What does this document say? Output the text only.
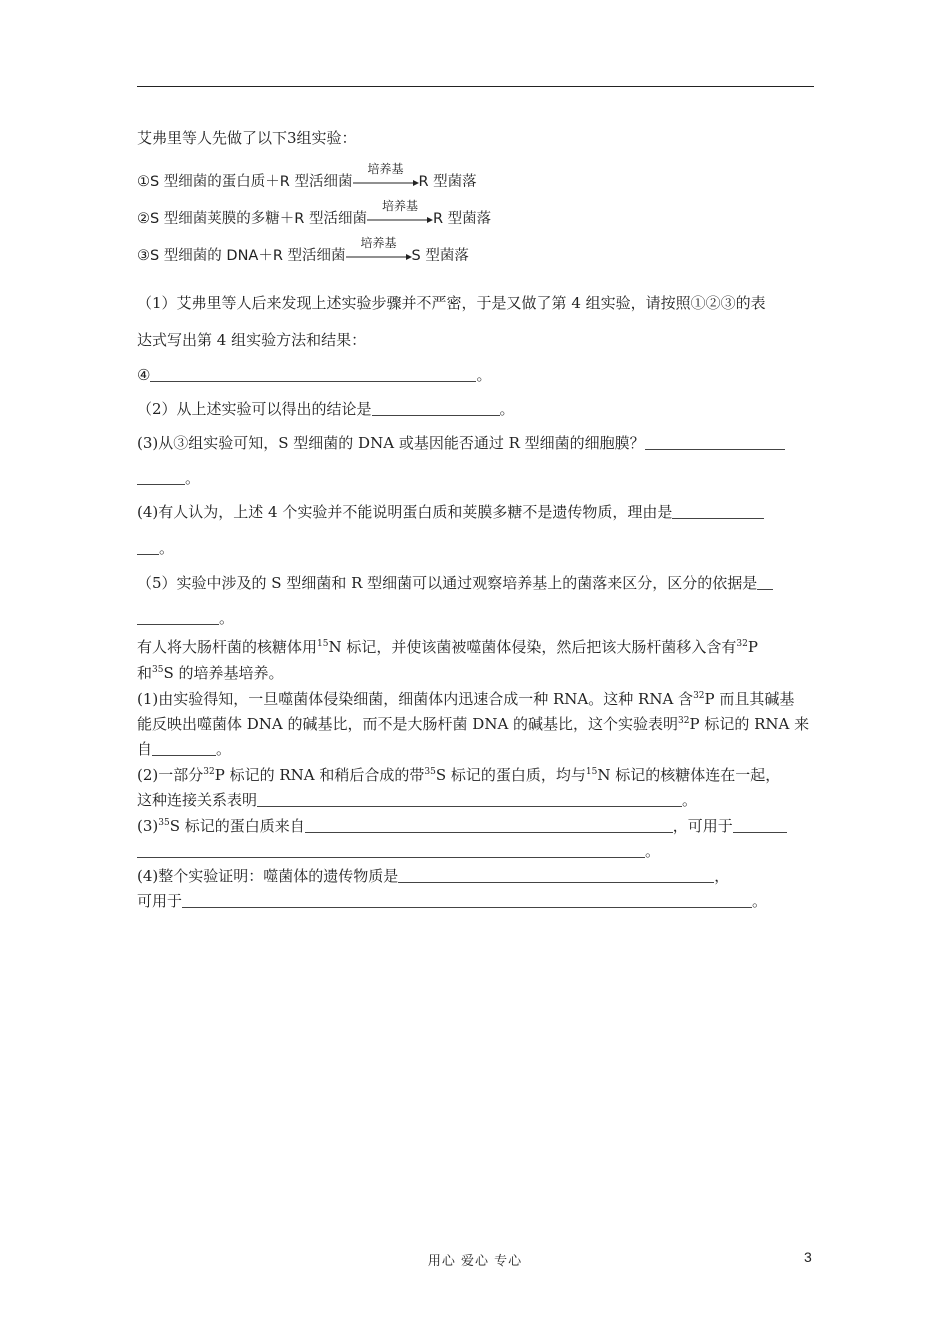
艾弗里等人先做了以下3组实验：
①S 型细菌的蛋白质＋R 型活细菌
培养基
R 型菌落
②S 型细菌荚膜的多糖＋R 型活细菌
培养基
R 型菌落
③S 型细菌的 DNA＋R 型活细菌
培养基
S 型菌落
（1）艾弗里等人后来发现上述实验步骤并不严密，于是又做了第 4 组实验，请按照①②③的表
达式写出第 4 组实验方法和结果：
④	。
（2）从上述实验可以得出的结论是	。
(3)从③组实验可知，S 型细菌的 DNA 或基因能否通过 R 型细菌的细胞膜？
。
(4)有人认为，上述 4 个实验并不能说明蛋白质和荚膜多糖不是遗传物质，理由是
。
（5）实验中涉及的 S 型细菌和 R 型细菌可以通过观察培养基上的菌落来区分，区分的依据是
。
有人将大肠杆菌的核糖体用$^{15}$N 标记，并使该菌被噬菌体侵染，然后把该大肠杆菌移入含有$^{32}$P
和$^{35}$S 的培养基培养。
(1)由实验得知，一旦噬菌体侵染细菌，细菌体内迅速合成一种 RNA。这种 RNA 含$^{32}$P 而且其碱基
能反映出噬菌体 DNA 的碱基比，而不是大肠杆菌 DNA 的碱基比，这个实验表明$^{32}$P 标记的 RNA 来
自	。
(2)一部分$^{32}$P 标记的 RNA 和稍后合成的带$^{35}$S 标记的蛋白质，均与$^{15}$N 标记的核糖体连在一起，
这种连接关系表明	。
$(3)^{35}S$ 标记的蛋白质来自	，可用于
。
(4)整个实验证明：噬菌体的遗传物质是	，
可用于	。
用心 爱心 专心	3
